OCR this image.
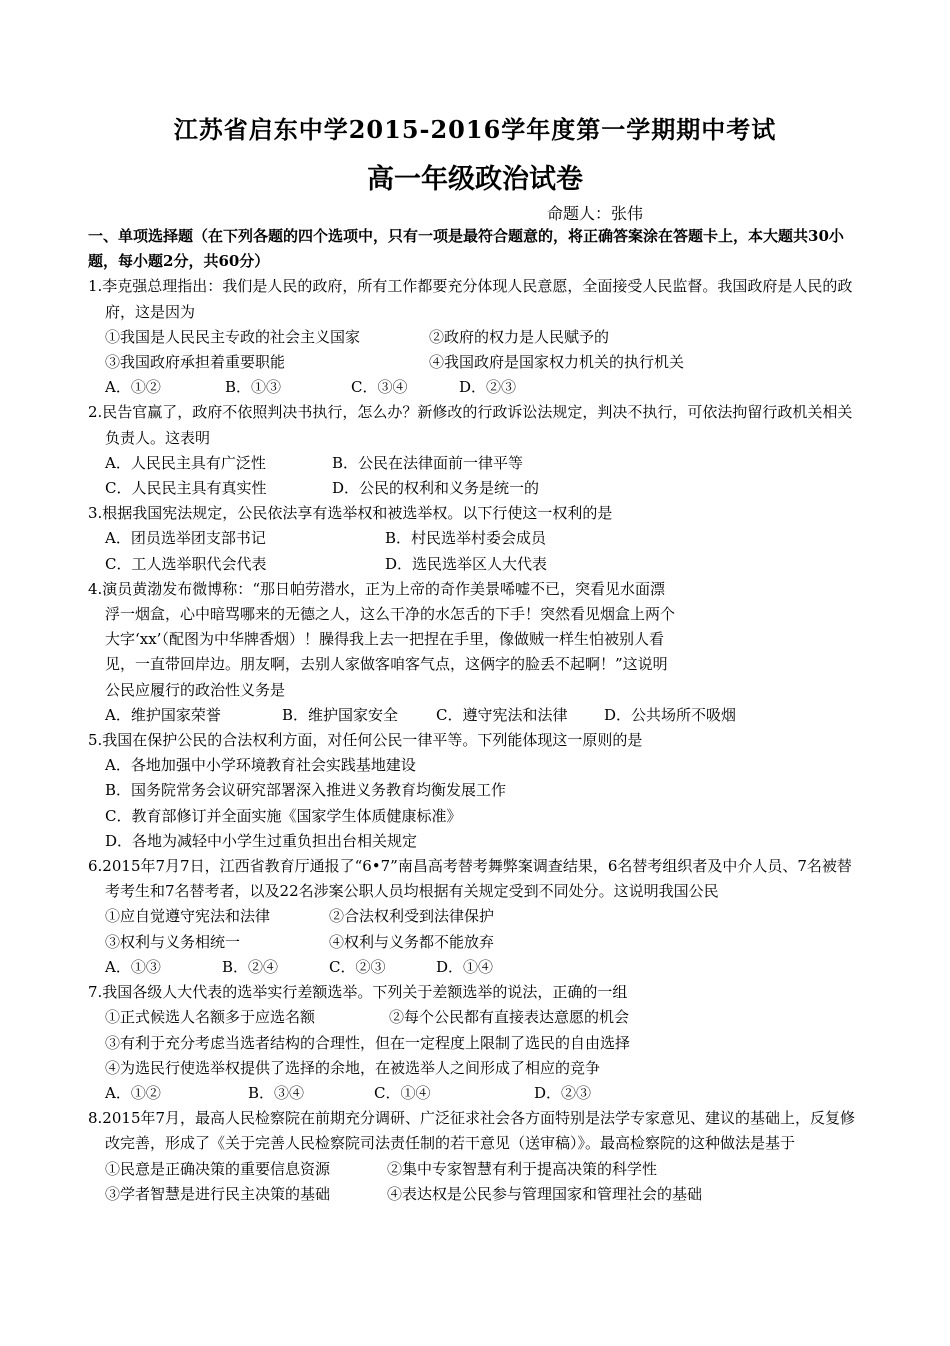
江苏省启东中学2015-2016学年度第一学期期中考试
高一年级政治试卷
命题人：张伟
一、单项选择题（在下列各题的四个选项中，只有一项是最符合题意的，将正确答案涂在答题卡上，本大题共30小题，每小题2分，共60分）
1.李克强总理指出：我们是人民的政府，所有工作都要充分体现人民意愿，全面接受人民监督。我国政府是人民的政府，这是因为
①我国是人民民主专政的社会主义国家	②政府的权力是人民赋予的
③我国政府承担着重要职能	④我国政府是国家权力机关的执行机关
A．①②	B．①③	C．③④	D．②③
2.民告官赢了，政府不依照判决书执行，怎么办？新修改的行政诉讼法规定，判决不执行，可依法拘留行政机关相关负责人。这表明
A．人民民主具有广泛性	B．公民在法律面前一律平等
C．人民民主具有真实性	D．公民的权利和义务是统一的
3.根据我国宪法规定，公民依法享有选举权和被选举权。以下行使这一权利的是
A．团员选举团支部书记	B．村民选举村委会成员
C．工人选举职代会代表	D．选民选举区人大代表
4.演员黄渤发布微博称：“那日帕劳潜水，正为上帝的奇作美景唏嘘不已，突看见水面漂
浮一烟盒，心中暗骂哪来的无德之人，这么干净的水怎舌的下手！突然看见烟盒上两个
大字‘xx’（配图为中华牌香烟）！臊得我上去一把捏在手里，像做贼一样生怕被别人看
见，一直带回岸边。朋友啊，去别人家做客咱客气点，这俩字的脸丢不起啊！”这说明
公民应履行的政治性义务是
A．维护国家荣誉	B．维护国家安全	C．遵守宪法和法律 D．公共场所不吸烟
5.我国在保护公民的合法权利方面，对任何公民一律平等。下列能体现这一原则的是
A．各地加强中小学环境教育社会实践基地建设
B．国务院常务会议研究部署深入推进义务教育均衡发展工作
C．教育部修订并全面实施《国家学生体质健康标准》
D．各地为减轻中小学生过重负担出台相关规定
6.2015年7月7日，江西省教育厅通报了“6•7”南昌高考替考舞弊案调查结果，6名替考组织者及中介人员、7名被替考考生和7名替考者，以及22名涉案公职人员均根据有关规定受到不同处分。这说明我国公民
①应自觉遵守宪法和法律	②合法权利受到法律保护
③权利与义务相统一	④权利与义务都不能放弃
A．①③	B．②④	C．②③	D．①④
7.我国各级人大代表的选举实行差额选举。下列关于差额选举的说法，正确的一组
①正式候选人名额多于应选名额	②每个公民都有直接表达意愿的机会
③有利于充分考虑当选者结构的合理性，但在一定程度上限制了选民的自由选择
④为选民行使选举权提供了选择的余地，在被选举人之间形成了相应的竞争
A．①②	B．③④	C．①④	D．②③
8.2015年7月，最高人民检察院在前期充分调研、广泛征求社会各方面特别是法学专家意见、建议的基础上，反复修改完善，形成了《关于完善人民检察院司法责任制的若干意见（送审稿）》。最高检察院的这种做法是基于
①民意是正确决策的重要信息资源	②集中专家智慧有利于提高决策的科学性
③学者智慧是进行民主决策的基础	④表达权是公民参与管理国家和管理社会的基础
